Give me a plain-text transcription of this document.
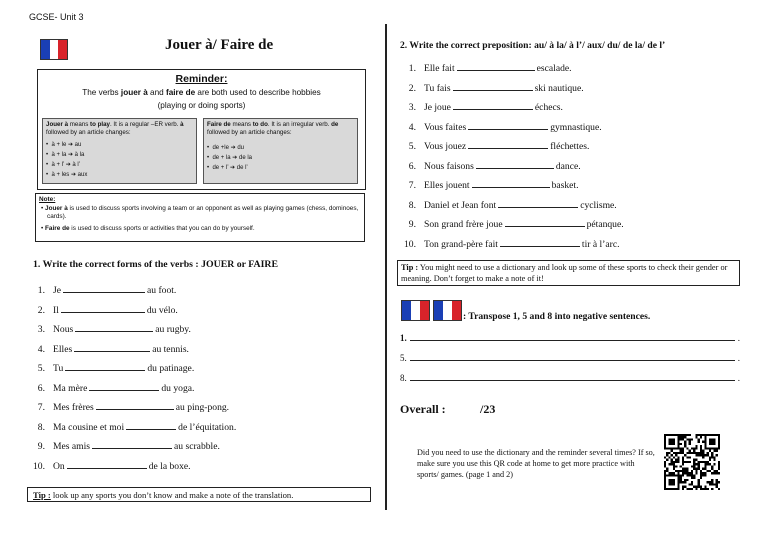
GCSE- Unit 3
Jouer à/ Faire de
Reminder:
The verbs jouer à and faire de are both used to describe hobbies
(playing or doing sports)
Jouer à means to play. It is a regular –ER verb. à followed by an article changes:
•  à + le ➔ au
•  à + la ➔ à la
•  à + l’ ➔ à l’
•  à + les ➔ aux
Faire de means to do. It is an irregular verb. de followed by an article changes:
•  de +le ➔ du
•  de + la ➔ de la
•  de + l’ ➔ de l’
Note:
• Jouer à is used to discuss sports involving a team or an opponent as well as playing games (chess, dominoes, cards).
• Faire de is used to discuss sports or activities that you can do by yourself.
1. Write the correct forms of the verbs : JOUER or FAIRE
1. Je	au foot.
2. Il	du vélo.
3. Nous	au rugby.
4. Elles	au tennis.
5. Tu	du patinage.
6. Ma mère	du yoga.
7. Mes frères	au ping-pong.
8. Ma cousine et moi	de l’équitation.
9. Mes amis	au scrabble.
10. On	de la boxe.
Tip : look up any sports you don’t know and make a note of the translation.
2. Write the correct preposition: au/ à la/ à l’/ aux/ du/ de la/ de l’
1. Elle fait	escalade.
2. Tu fais	ski nautique.
3. Je joue	échecs.
4. Vous faites	gymnastique.
5. Vous jouez	fléchettes.
6. Nous faisons	dance.
7. Elles jouent	basket.
8. Daniel et Jean font	cyclisme.
9. Son grand frère joue	pétanque.
10. Ton grand-père fait	tir à l’arc.
Tip : You might need to use a dictionary and look up some of these sports to check their gender or meaning. Don’t forget to make a note of it!
: Transpose 1, 5 and 8 into negative sentences.
1.	.
5.	.
8.	.
Overall :	/23
Did you need to use the dictionary and the reminder several times? If so, make sure you use this QR code at home to get more practice with sports/ games. (page 1 and 2)
